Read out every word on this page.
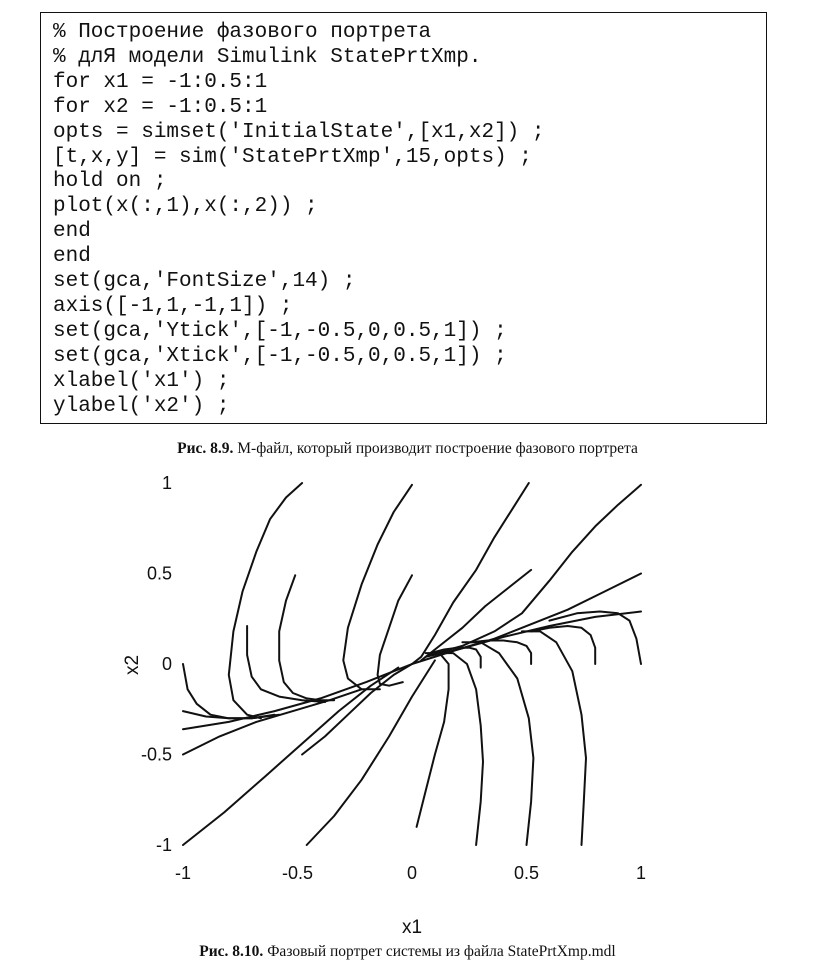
% Построение фазового портрета
% длЯ модели Simulink StatePrtXmp.
for x1 = -1:0.5:1
for x2 = -1:0.5:1
opts = simset('InitialState',[x1,x2]) ;
[t,x,y] = sim('StatePrtXmp',15,opts) ;
hold on ;
plot(x(:,1),x(:,2)) ;
end
end
set(gca,'FontSize',14) ;
axis([-1,1,-1,1]) ;
set(gca,'Ytick',[-1,-0.5,0,0.5,1]) ;
set(gca,'Xtick',[-1,-0.5,0,0.5,1]) ;
xlabel('x1') ;
ylabel('x2') ;
Рис. 8.9. М-файл, который производит построение фазового портрета
-1	-0.5	0	0.5	1
-1
-0.5
0
0.5
1
x1
x2
Рис. 8.10. Фазовый портрет системы из файла StatePrtXmp.mdl
